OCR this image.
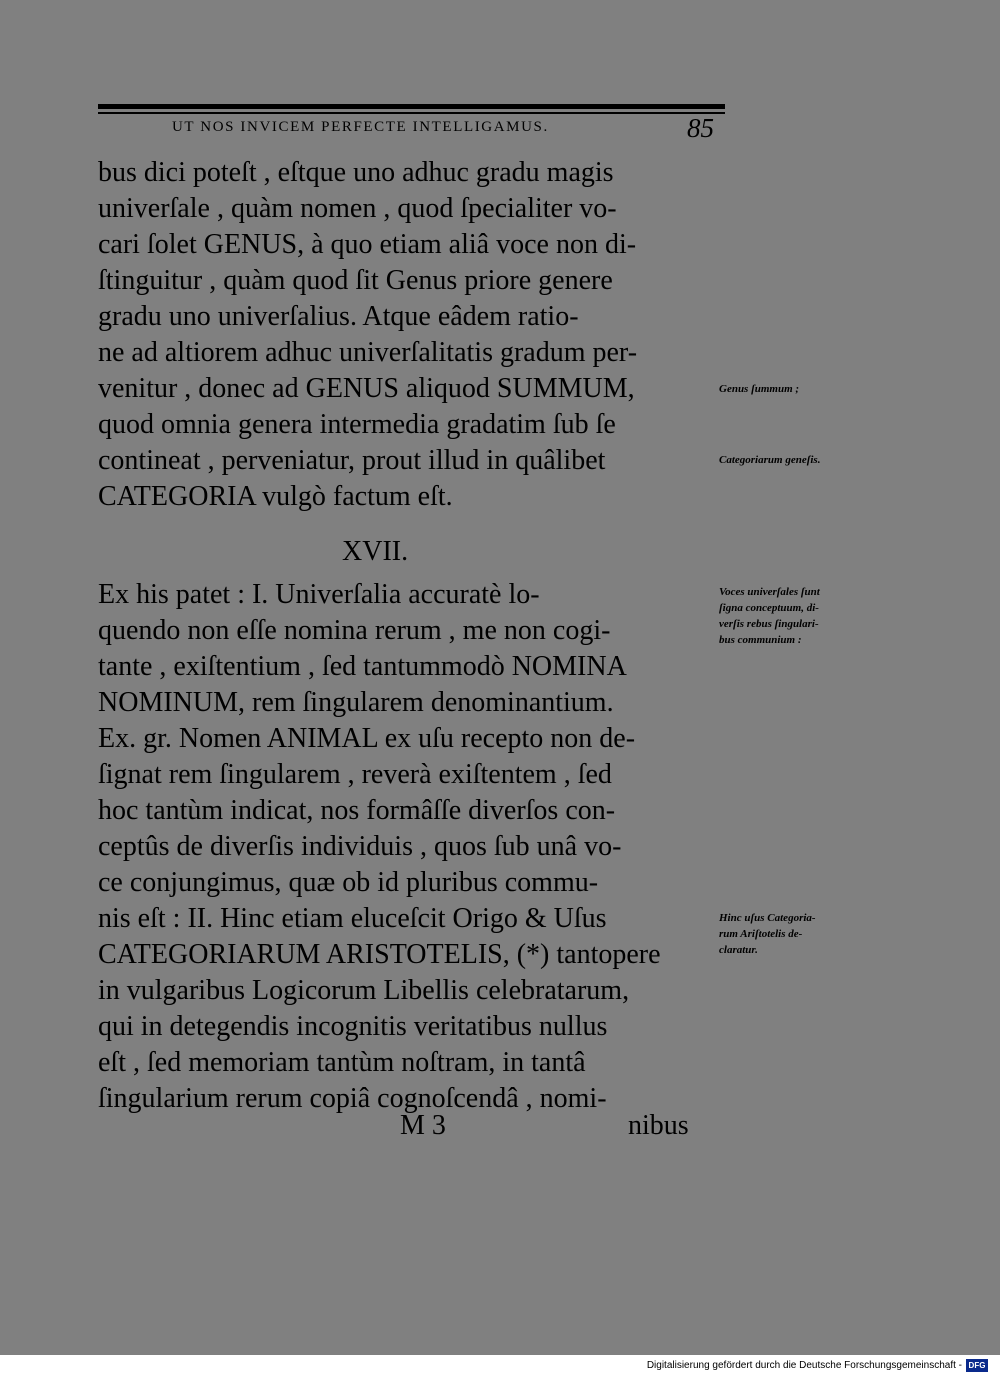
UT NOS INVICEM PERFECTE INTELLIGAMUS.	85
bus dici poteſt , eſtque uno adhuc gradu magis
univerſale , quàm nomen , quod ſpecialiter vo-
cari ſolet GENUS, à quo etiam aliâ voce non di-
ſtinguitur , quàm quod ſit Genus priore genere
gradu uno univerſalius. Atque eâdem ratio-
ne ad altiorem adhuc univerſalitatis gradum per-
venitur , donec ad GENUS aliquod SUMMUM,
quod omnia genera intermedia gradatim ſub ſe
contineat , perveniatur, prout illud in quâlibet
CATEGORIA vulgò factum eſt.
XVII.
Ex his patet : I. Univerſalia accuratè lo-
quendo non eſſe nomina rerum , me non cogi-
tante , exiſtentium , ſed tantummodò NOMINA
NOMINUM, rem ſingularem denominantium.
Ex. gr. Nomen ANIMAL ex uſu recepto non de-
ſignat rem ſingularem , reverà exiſtentem , ſed
hoc tantùm indicat, nos formâſſe diverſos con-
ceptûs de diverſis individuis , quos ſub unâ vo-
ce conjungimus, quæ ob id pluribus commu-
nis eſt : II. Hinc etiam eluceſcit Origo & Uſus
CATEGORIARUM ARISTOTELIS, (*) tantopere
in vulgaribus Logicorum Libellis celebratarum,
qui in detegendis incognitis veritatibus nullus
eſt , ſed memoriam tantùm noſtram, in tantâ
ſingularium rerum copiâ cognoſcendâ , nomi-
Genus ſummum ;
Categoriarum geneſis.
Voces univerſales ſunt
ſigna conceptuum, di-
verſis rebus ſingulari-
bus communium :
Hinc uſus Categoria-
rum Ariſtotelis de-
claratur.
M 3	nibus
Digitalisierung gefördert durch die Deutsche Forschungsgemeinschaft - DFG
